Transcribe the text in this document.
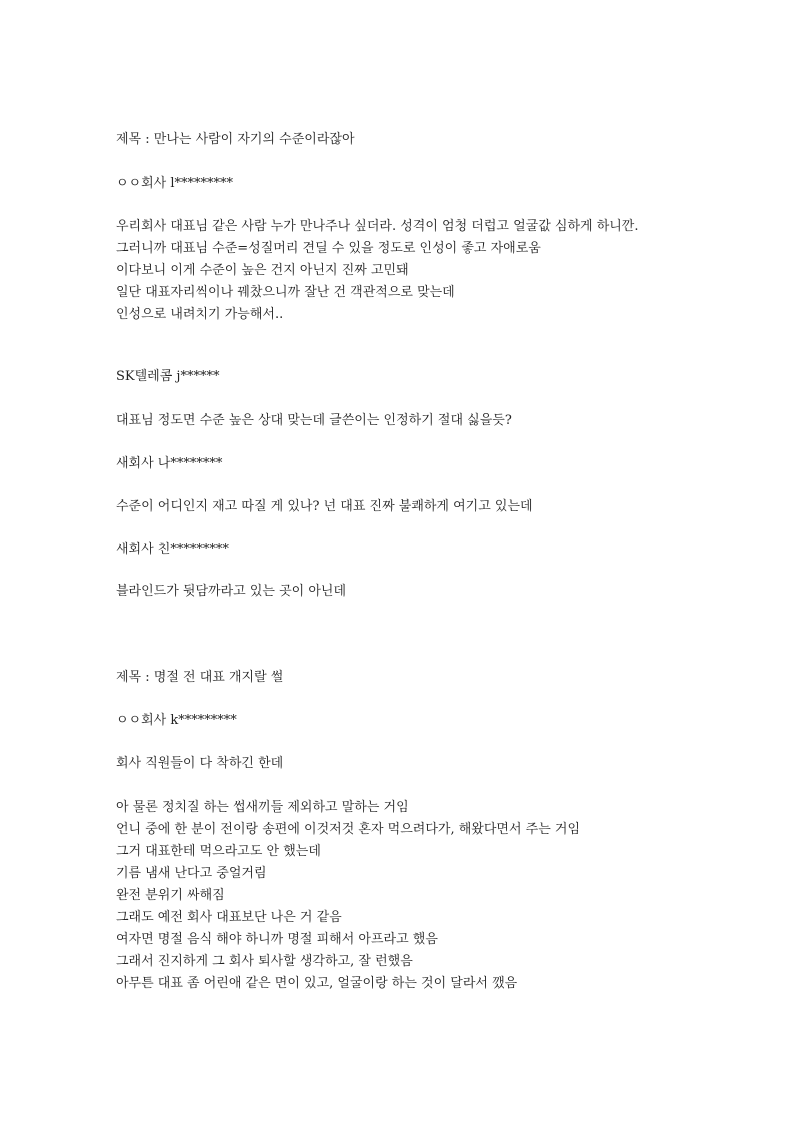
제목 : 만나는 사람이 자기의 수준이라잖아
ㅇㅇ회사 l*********
우리회사 대표님 같은 사람 누가 만나주나 싶더라. 성격이 엄청 더럽고 얼굴값 심하게 하니깐.
그러니까 대표님 수준=성질머리 견딜 수 있을 정도로 인성이 좋고 자애로움
이다보니 이게 수준이 높은 건지 아닌지 진짜 고민돼
일단 대표자리씩이나 꿰찼으니까 잘난 건 객관적으로 맞는데
인성으로 내려치기 가능해서..
SK텔레콤 j******
대표님 정도면 수준 높은 상대 맞는데 글쓴이는 인정하기 절대 싫을듯?
새회사 나********
수준이 어디인지 재고 따질 게 있나? 넌 대표 진짜 불쾌하게 여기고 있는데
새회사 친*********
블라인드가 뒷담까라고 있는 곳이 아닌데
제목 : 명절 전 대표 개지랄 썰
ㅇㅇ회사 k*********
회사 직원들이 다 착하긴 한데
아 물론 정치질 하는 썹새끼들 제외하고 말하는 거임
언니 중에 한 분이 전이랑 송편에 이것저것 혼자 먹으려다가, 해왔다면서 주는 거임
그거 대표한테 먹으라고도 안 했는데
기름 냄새 난다고 중얼거림
완전 분위기 싸해짐
그래도 예전 회사 대표보단 나은 거 같음
여자면 명절 음식 해야 하니까 명절 피해서 아프라고 했음
그래서 진지하게 그 회사 퇴사할 생각하고, 잘 런했음
아무튼 대표 좀 어린애 같은 면이 있고, 얼굴이랑 하는 것이 달라서 깼음
